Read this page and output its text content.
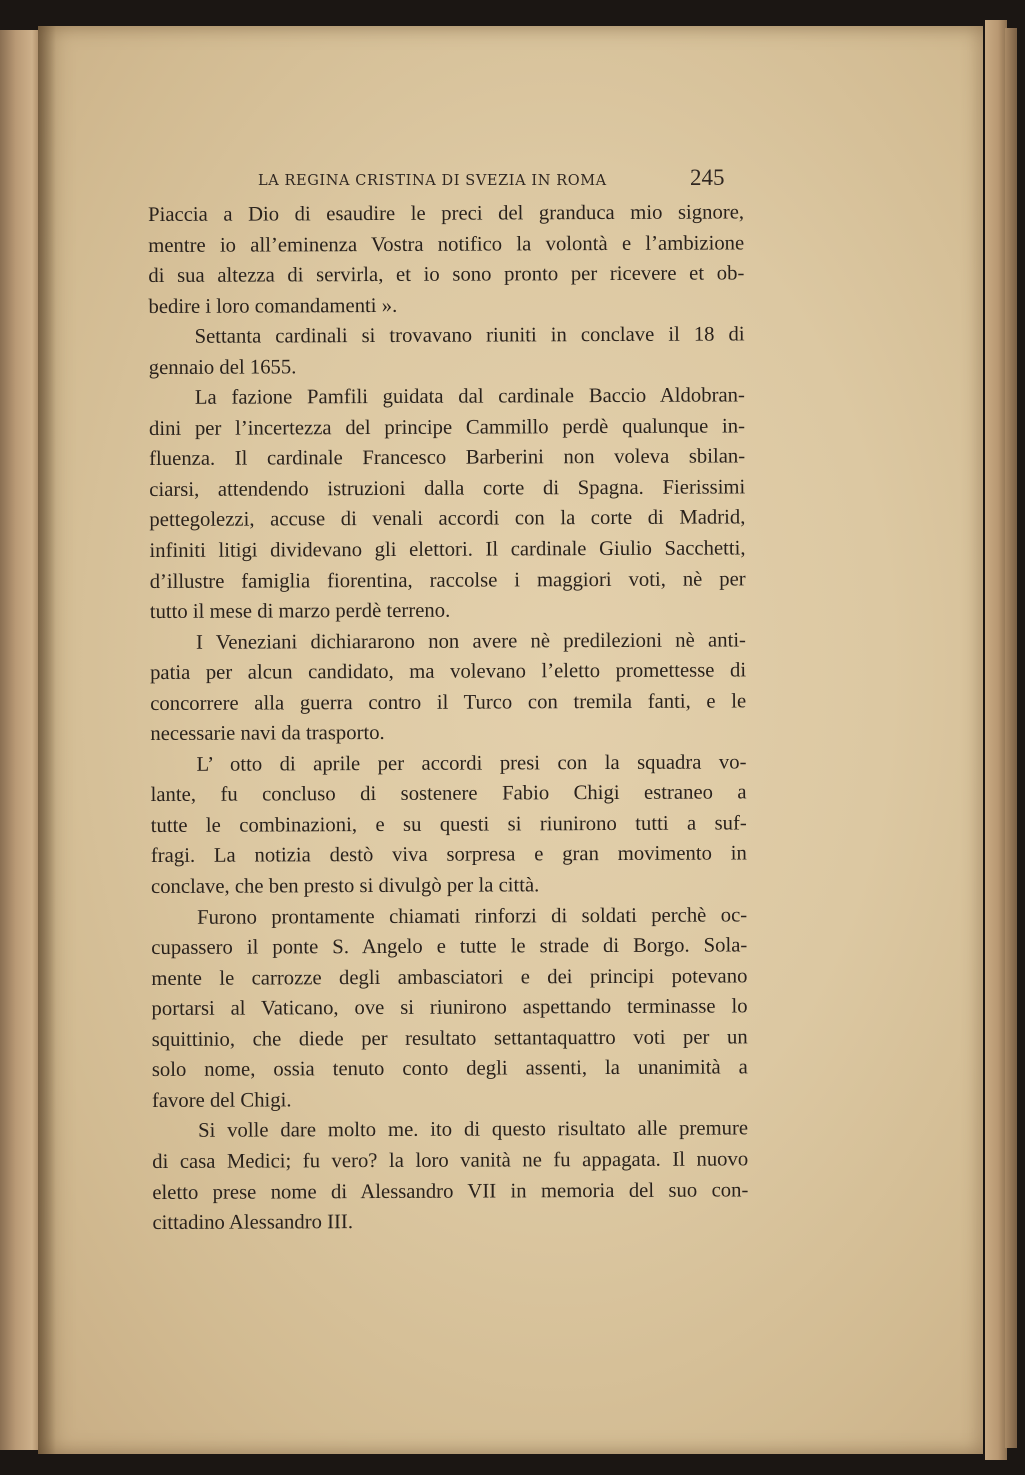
LA REGINA CRISTINA DI SVEZIA IN ROMA	245
Piaccia a Dio di esaudire le preci del granduca mio signore,
mentre io all’eminenza Vostra notifico la volontà e l’ambizione
di sua altezza di servirla, et io sono pronto per ricevere et ob-
bedire i loro comandamenti ».
Settanta cardinali si trovavano riuniti in conclave il 18 di
gennaio del 1655.
La fazione Pamfili guidata dal cardinale Baccio Aldobran-
dini per l’incertezza del principe Cammillo perdè qualunque in-
fluenza. Il cardinale Francesco Barberini non voleva sbilan-
ciarsi, attendendo istruzioni dalla corte di Spagna. Fierissimi
pettegolezzi, accuse di venali accordi con la corte di Madrid,
infiniti litigi dividevano gli elettori. Il cardinale Giulio Sacchetti,
d’illustre famiglia fiorentina, raccolse i maggiori voti, nè per
tutto il mese di marzo perdè terreno.
I Veneziani dichiararono non avere nè predilezioni nè anti-
patia per alcun candidato, ma volevano l’eletto promettesse di
concorrere alla guerra contro il Turco con tremila fanti, e le
necessarie navi da trasporto.
L’ otto di aprile per accordi presi con la squadra vo-
lante, fu concluso di sostenere Fabio Chigi estraneo a
tutte le combinazioni, e su questi si riunirono tutti a suf-
fragi. La notizia destò viva sorpresa e gran movimento in
conclave, che ben presto si divulgò per la città.
Furono prontamente chiamati rinforzi di soldati perchè oc-
cupassero il ponte S. Angelo e tutte le strade di Borgo. Sola-
mente le carrozze degli ambasciatori e dei principi potevano
portarsi al Vaticano, ove si riunirono aspettando terminasse lo
squittinio, che diede per resultato settantaquattro voti per un
solo nome, ossia tenuto conto degli assenti, la unanimità a
favore del Chigi.
Si volle dare molto me. ito di questo risultato alle premure
di casa Medici; fu vero? la loro vanità ne fu appagata. Il nuovo
eletto prese nome di Alessandro VII in memoria del suo con-
cittadino Alessandro III.
